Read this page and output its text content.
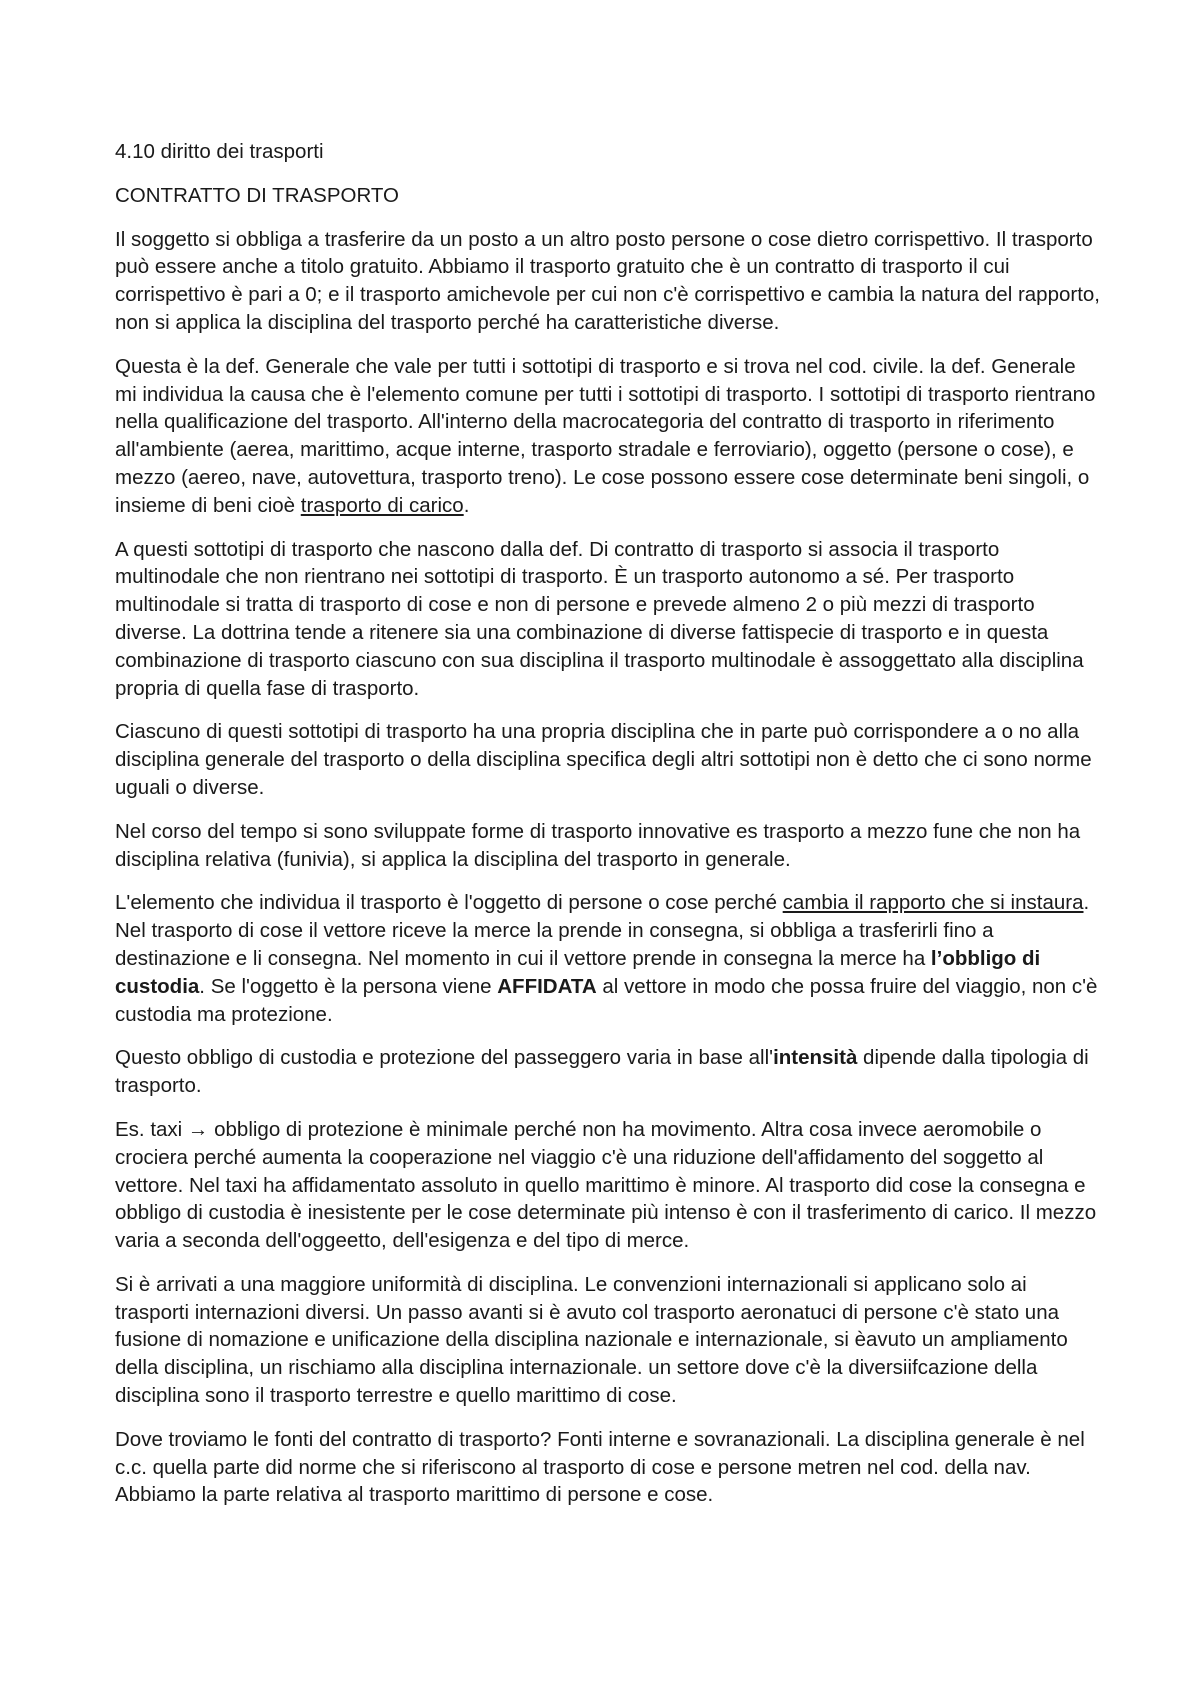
4.10 diritto dei trasporti

CONTRATTO DI TRASPORTO

Il soggetto si obbliga a trasferire da un posto a un altro posto persone o cose dietro corrispettivo. Il trasporto può essere anche a titolo gratuito. Abbiamo il trasporto gratuito che è un contratto di trasporto il cui corrispettivo è pari a 0; e il trasporto amichevole per cui non c'è corrispettivo e cambia la natura del rapporto, non si applica la disciplina del trasporto perché ha caratteristiche diverse.

Questa è la def. Generale che vale per tutti i sottotipi di trasporto e si trova nel cod. civile. la def. Generale mi individua la causa che è l'elemento comune per tutti i sottotipi di trasporto. I sottotipi di trasporto rientrano nella qualificazione del trasporto. All'interno della macrocategoria del contratto di trasporto in riferimento all'ambiente (aerea, marittimo, acque interne, trasporto stradale e ferroviario), oggetto (persone o cose), e mezzo (aereo, nave, autovettura, trasporto treno). Le cose possono essere cose determinate beni singoli, o insieme di beni cioè trasporto di carico.

A questi sottotipi di trasporto che nascono dalla def. Di contratto di trasporto si associa il trasporto multinodale che non rientrano nei sottotipi di trasporto. È un trasporto autonomo a sé. Per trasporto multinodale si tratta di trasporto di cose e non di persone e prevede almeno 2 o più mezzi di trasporto diverse. La dottrina tende a ritenere sia una combinazione di diverse fattispecie di trasporto e in questa combinazione di trasporto ciascuno con sua disciplina il trasporto multinodale è assoggettato alla disciplina propria di quella fase di trasporto.

Ciascuno di questi sottotipi di trasporto ha una propria disciplina che in parte può corrispondere a o no alla disciplina generale del trasporto o della disciplina specifica degli altri sottotipi non è detto che ci sono norme uguali o diverse.

Nel corso del tempo si sono sviluppate forme di trasporto innovative es trasporto a mezzo fune che non ha disciplina relativa (funivia), si applica la disciplina del trasporto in generale.

L'elemento che individua il trasporto è l'oggetto di persone o cose perché cambia il rapporto che si instaura. Nel trasporto di cose il vettore riceve la merce la prende in consegna, si obbliga a trasferirli fino a destinazione e li consegna. Nel momento in cui il vettore prende in consegna la merce ha l’obbligo di custodia. Se l'oggetto è la persona viene AFFIDATA al vettore in modo che possa fruire del viaggio, non c'è custodia ma protezione.

Questo obbligo di custodia e protezione del passeggero varia in base all'intensità dipende dalla tipologia di trasporto.

Es. taxi → obbligo di protezione è minimale perché non ha movimento. Altra cosa invece aeromobile o crociera perché aumenta la cooperazione nel viaggio c'è una riduzione dell'affidamento del soggetto al vettore. Nel taxi ha affidamentato assoluto in quello marittimo è minore. Al trasporto did cose la consegna e obbligo di custodia è inesistente per le cose determinate più intenso è con il trasferimento di carico. Il mezzo varia a seconda dell'oggeetto, dell'esigenza e del tipo di merce.

Si è arrivati a una maggiore uniformità di disciplina. Le convenzioni internazionali si applicano solo ai trasporti internazioni diversi. Un passo avanti si è avuto col trasporto aeronatuci di persone c'è stato una fusione di nomazione e unificazione della disciplina nazionale e internazionale, si èavuto un ampliamento della disciplina, un rischiamo alla disciplina internazionale. un settore dove c'è la diversiifcazione della disciplina sono il trasporto terrestre e quello marittimo di cose.

Dove troviamo le fonti del contratto di trasporto? Fonti interne e sovranazionali. La disciplina generale è nel c.c. quella parte did norme che si riferiscono al trasporto di cose e persone metren nel cod. della nav. Abbiamo la parte relativa al trasporto marittimo di persone e cose.
